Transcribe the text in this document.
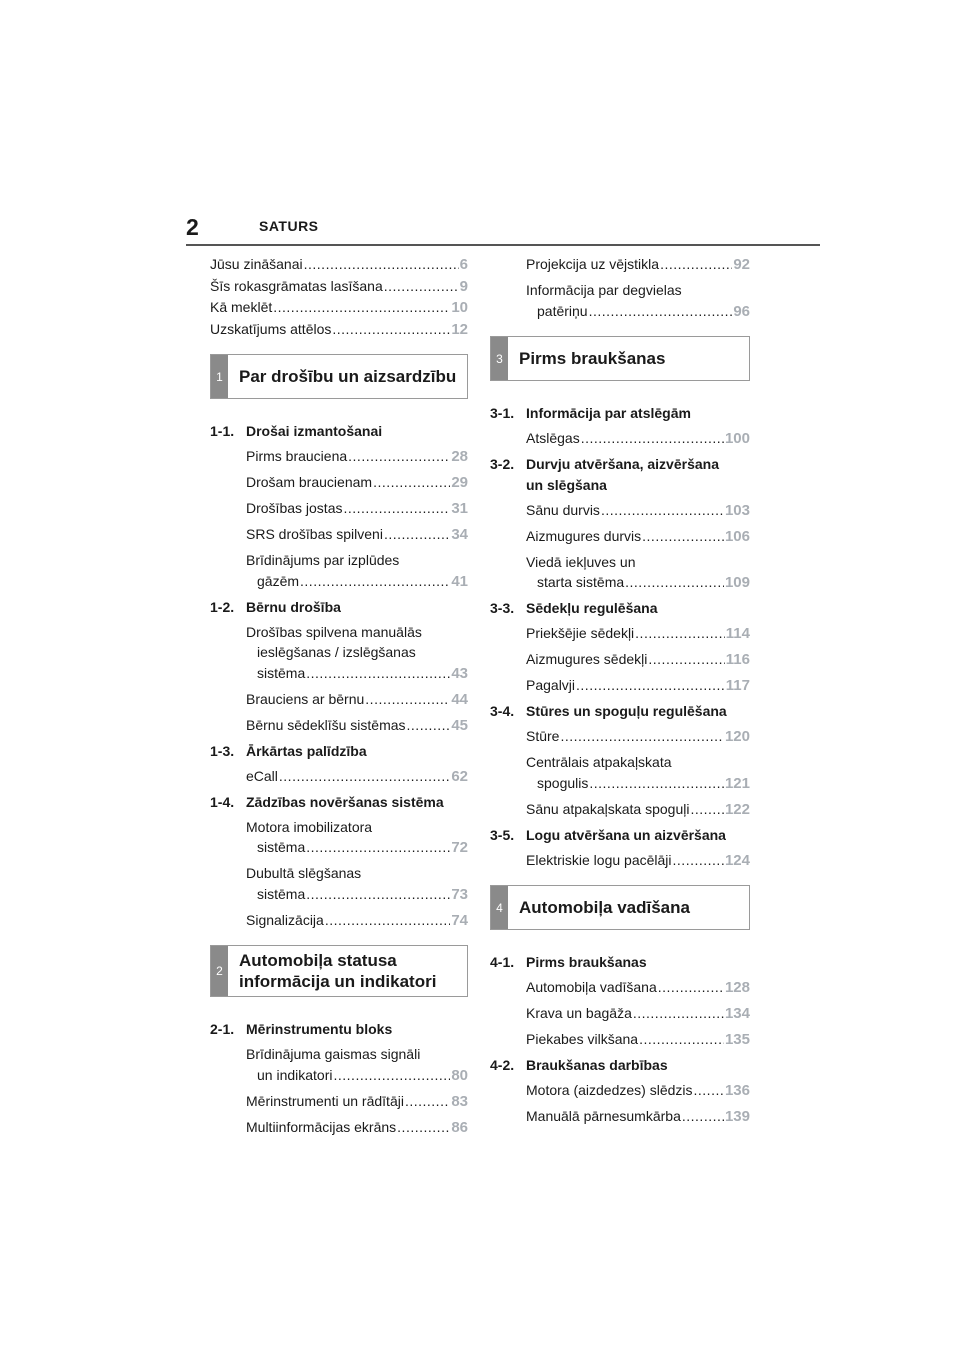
2	SATURS
Jūsu zināšanai .....	6
Šīs rokasgrāmatas lasīšana .....	9
Kā meklēt .....	10
Uzskatījums attēlos .....	12
1 Par drošību un aizsardzību
1-1. Drošai izmantošanai
Pirms brauciena .....	28
Drošam braucienam .....	29
Drošības jostas .....	31
SRS drošības spilveni .....	34
Brīdinājums par izplūdes
gāzēm .....	41
1-2. Bērnu drošība
Drošības spilvena manuālās
ieslēgšanas / izslēgšanas
sistēma .....	43
Brauciens ar bērnu .....	44
Bērnu sēdeklīšu sistēmas .....	45
1-3. Ārkārtas palīdzība
eCall .....	62
1-4. Zādzības novēršanas sistēma
Motora imobilizatora
sistēma .....	72
Dubultā slēgšanas
sistēma .....	73
Signalizācija .....	74
2
Automobiļa statusa
informācija un indikatori
2-1. Mērinstrumentu bloks
Brīdinājuma gaismas signāli
un indikatori .....	80
Mērinstrumenti un rādītāji .....	83
Multiinformācijas ekrāns .....	86
Projekcija uz vējstikla .....	92
Informācija par degvielas
patēriņu .....	96
3 Pirms braukšanas
3-1. Informācija par atslēgām
Atslēgas .....	100
3-2. Durvju atvēršana, aizvēršana
un slēgšana
Sānu durvis .....	103
Aizmugures durvis .....	106
Viedā iekļuves un
starta sistēma .....	109
3-3. Sēdekļu regulēšana
Priekšējie sēdekļi .....	114
Aizmugures sēdekļi .....	116
Pagalvji .....	117
3-4. Stūres un spoguļu regulēšana
Stūre .....	120
Centrālais atpakaļskata
spogulis .....	121
Sānu atpakaļskata spoguļi ..... 122
3-5. Logu atvēršana un aizvēršana
Elektriskie logu pacēlāji .....	124
4 Automobiļa vadīšana
4-1. Pirms braukšanas
Automobiļa vadīšana .....	128
Krava un bagāža .....	134
Piekabes vilkšana .....	135
4-2. Braukšanas darbības
Motora (aizdedzes) slēdzis ..... 136
Manuālā pārnesumkārba .....	139
